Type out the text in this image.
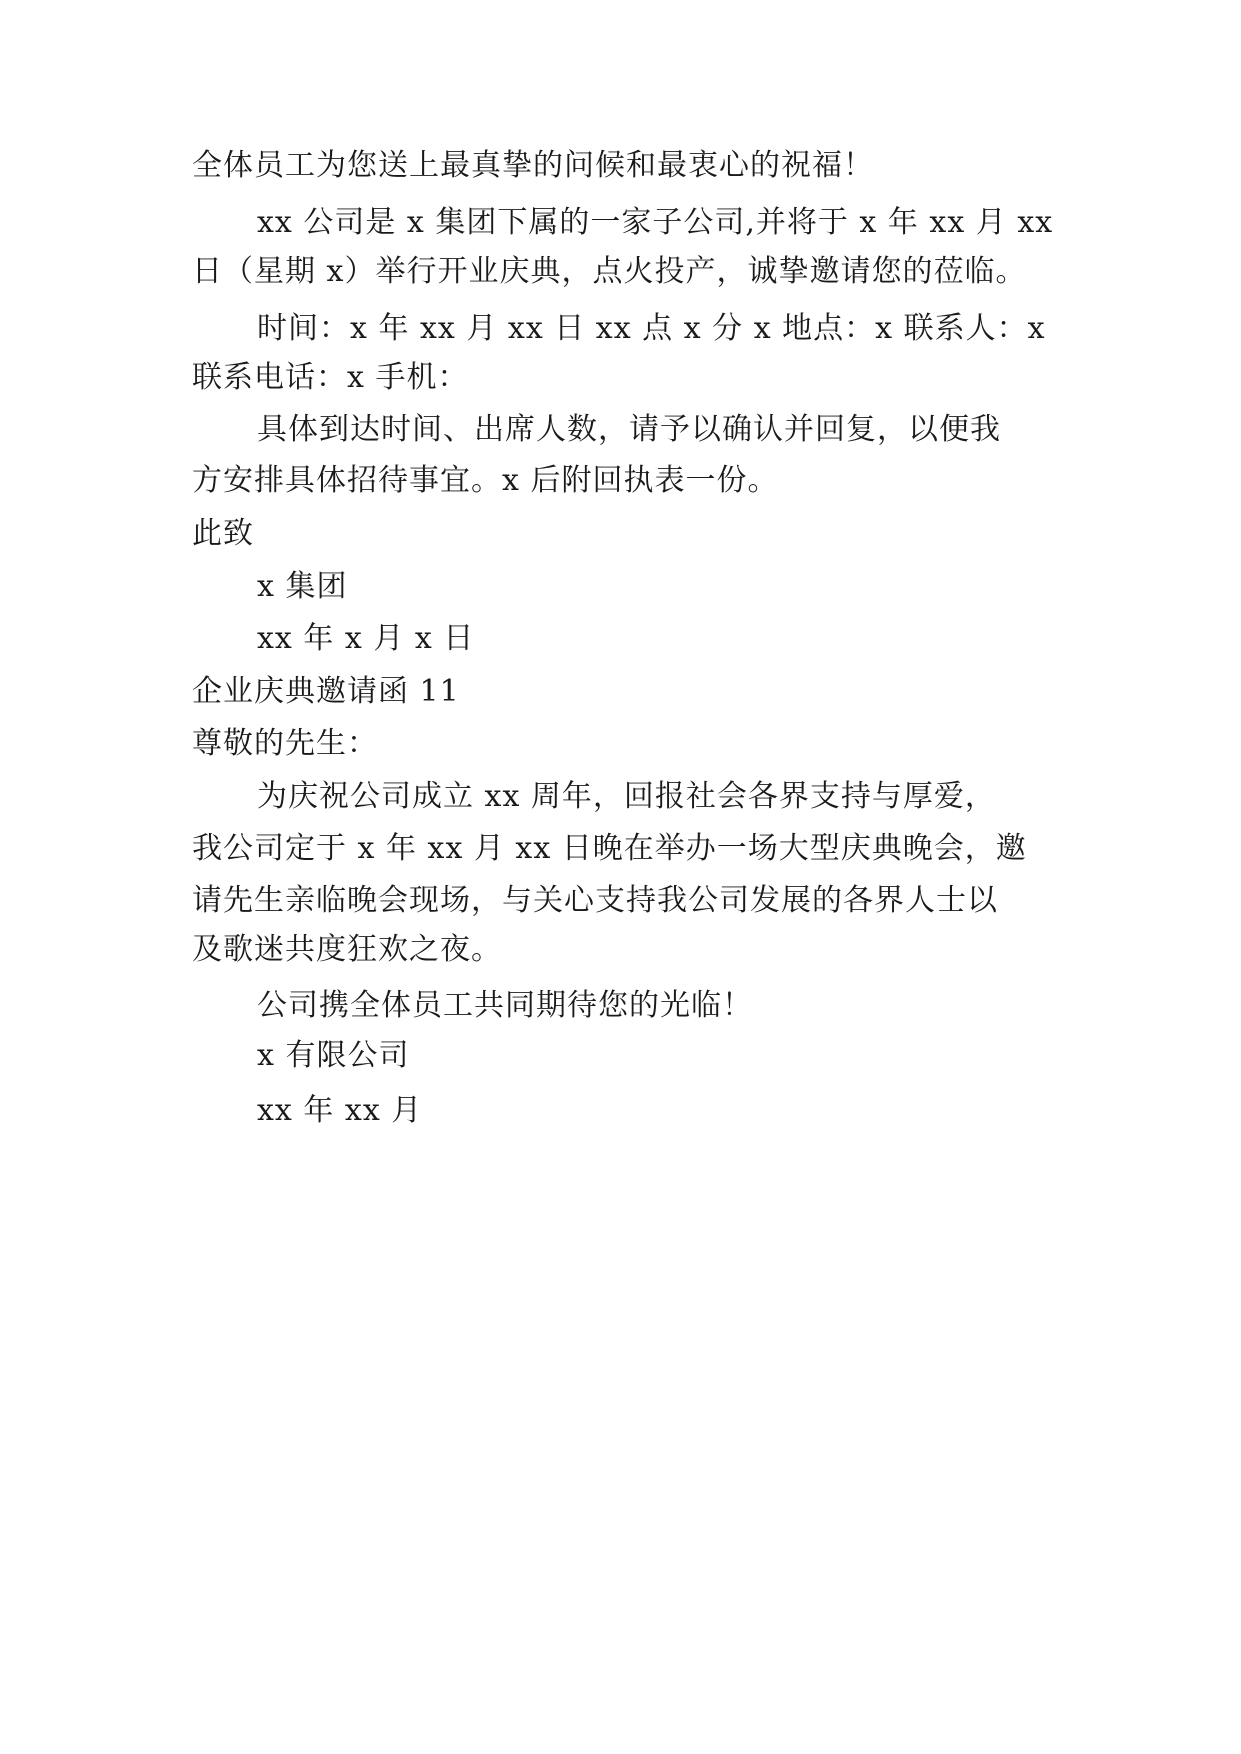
全体员工为您送上最真挚的问候和最衷心的祝福！
xx 公司是 x 集团下属的一家子公司,并将于 x 年 xx 月 xx
日（星期 x）举行开业庆典，点火投产，诚挚邀请您的莅临。
时间：x 年 xx 月 xx 日 xx 点 x 分 x 地点：x 联系人：x
联系电话：x 手机：
具体到达时间、出席人数，请予以确认并回复，以便我
方安排具体招待事宜。x 后附回执表一份。
此致
x 集团
xx 年 x 月 x 日
企业庆典邀请函 11
尊敬的先生：
为庆祝公司成立 xx 周年，回报社会各界支持与厚爱，
我公司定于 x 年 xx 月 xx 日晚在举办一场大型庆典晚会，邀
请先生亲临晚会现场，与关心支持我公司发展的各界人士以
及歌迷共度狂欢之夜。
公司携全体员工共同期待您的光临！
x 有限公司
xx 年 xx 月
